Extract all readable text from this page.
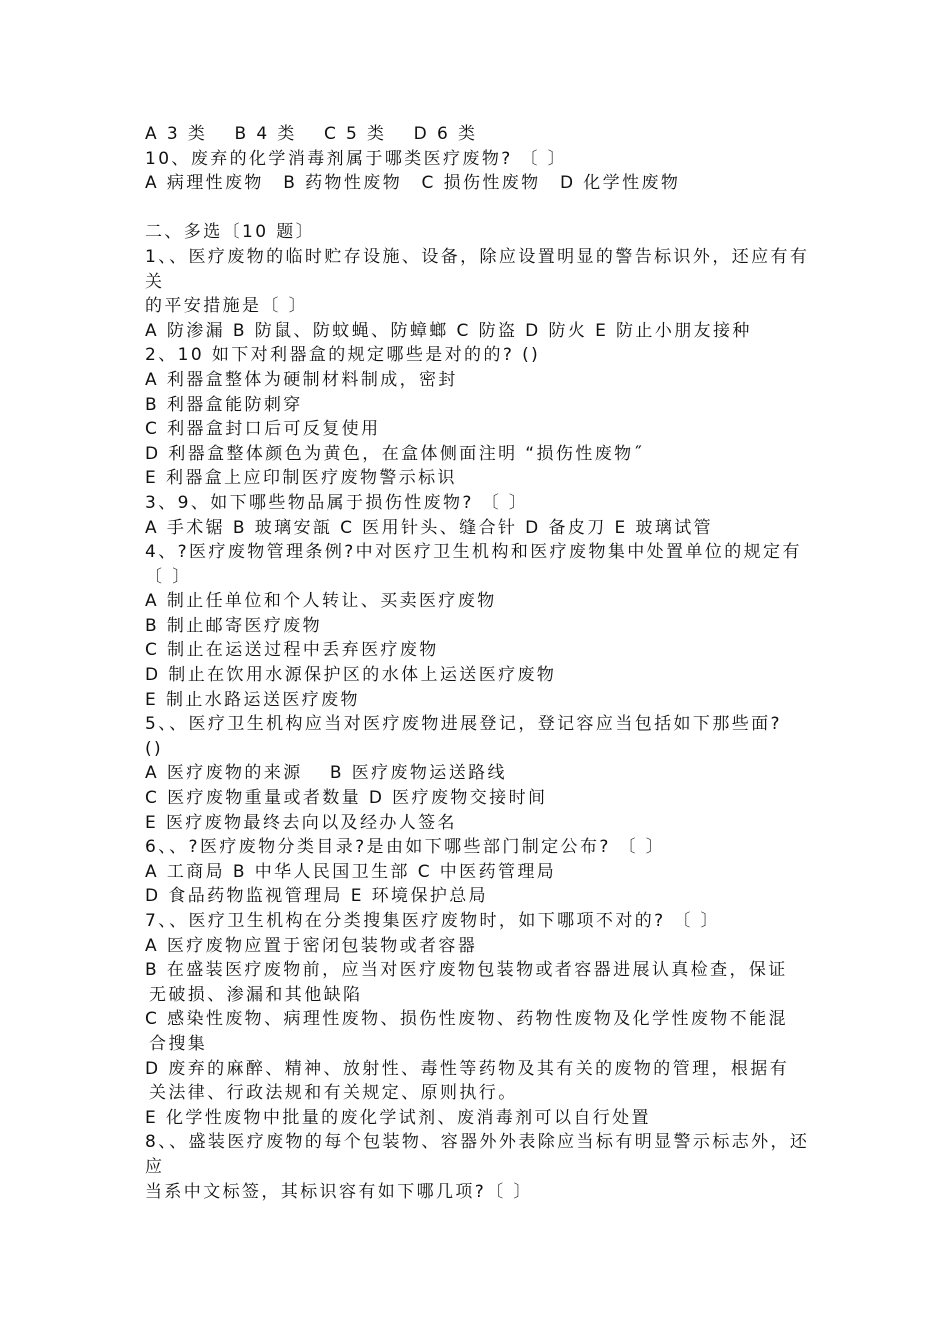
A 3 类　 B 4 类　 C 5 类　 D 6 类
10、废弃的化学消毒剂属于哪类医疗废物? 〔 〕
A 病理性废物　B 药物性废物　C 损伤性废物　D 化学性废物
二、多选〔10 题〕
1、、医疗废物的临时贮存设施、设备，除应设置明显的警告标识外，还应有有
关
的平安措施是〔 〕
A 防渗漏 B 防鼠、防蚊蝇、防蟑螂 C 防盗 D 防火 E 防止小朋友接种
2、10 如下对利器盒的规定哪些是对的的? ()
A 利器盒整体为硬制材料制成，密封
B 利器盒能防刺穿
C 利器盒封口后可反复使用
D 利器盒整体颜色为黄色，在盒体侧面注明 “损伤性废物˝
E 利器盒上应印制医疗废物警示标识
3、9、如下哪些物品属于损伤性废物? 〔 〕
A 手术锯 B 玻璃安瓿 C 医用针头、缝合针 D 备皮刀 E 玻璃试管
4、?医疗废物管理条例?中对医疗卫生机构和医疗废物集中处置单位的规定有
〔 〕
A 制止任单位和个人转让、买卖医疗废物
B 制止邮寄医疗废物
C 制止在运送过程中丢弃医疗废物
D 制止在饮用水源保护区的水体上运送医疗废物
E 制止水路运送医疗废物
5、、医疗卫生机构应当对医疗废物进展登记，登记容应当包括如下那些面?
()
A 医疗废物的来源　 B 医疗废物运送路线
C 医疗废物重量或者数量 D 医疗废物交接时间
E 医疗废物最终去向以及经办人签名
6、、?医疗废物分类目录?是由如下哪些部门制定公布? 〔 〕
A 工商局 B 中华人民国卫生部 C 中医药管理局
D 食品药物监视管理局 E 环境保护总局
7、、医疗卫生机构在分类搜集医疗废物时，如下哪项不对的? 〔 〕
A 医疗废物应置于密闭包装物或者容器
B 在盛装医疗废物前，应当对医疗废物包装物或者容器进展认真检查，保证
无破损、渗漏和其他缺陷
C 感染性废物、病理性废物、损伤性废物、药物性废物及化学性废物不能混
合搜集
D 废弃的麻醉、精神、放射性、毒性等药物及其有关的废物的管理，根据有
关法律、行政法规和有关规定、原则执行。
E 化学性废物中批量的废化学试剂、废消毒剂可以自行处置
8、、盛装医疗废物的每个包装物、容器外外表除应当标有明显警示标志外，还
应
当系中文标签，其标识容有如下哪几项?〔 〕
